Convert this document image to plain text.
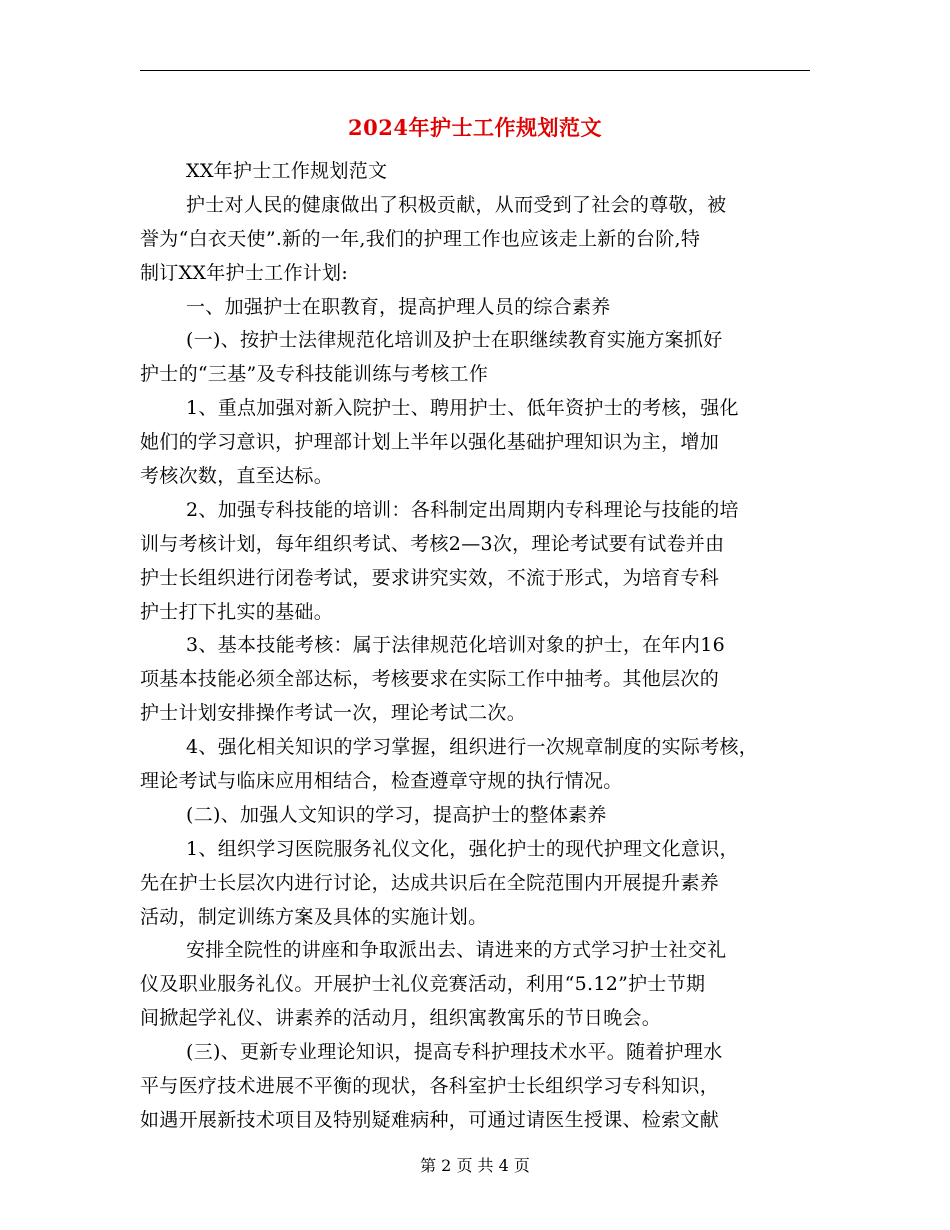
2024年护士工作规划范文
XX年护士工作规划范文
护士对人民的健康做出了积极贡献，从而受到了社会的尊敬，被
誉为“白衣天使”.新的一年,我们的护理工作也应该走上新的台阶,特
制订XX年护士工作计划:
一、加强护士在职教育，提高护理人员的综合素养
(一)、按护士法律规范化培训及护士在职继续教育实施方案抓好
护士的“三基”及专科技能训练与考核工作
1、重点加强对新入院护士、聘用护士、低年资护士的考核，强化
她们的学习意识，护理部计划上半年以强化基础护理知识为主，增加
考核次数，直至达标。
2、加强专科技能的培训：各科制定出周期内专科理论与技能的培
训与考核计划，每年组织考试、考核2—3次，理论考试要有试卷并由
护士长组织进行闭卷考试，要求讲究实效，不流于形式，为培育专科
护士打下扎实的基础。
3、基本技能考核：属于法律规范化培训对象的护士，在年内16
项基本技能必须全部达标，考核要求在实际工作中抽考。其他层次的
护士计划安排操作考试一次，理论考试二次。
4、强化相关知识的学习掌握，组织进行一次规章制度的实际考核，
理论考试与临床应用相结合，检查遵章守规的执行情况。
(二)、加强人文知识的学习，提高护士的整体素养
1、组织学习医院服务礼仪文化，强化护士的现代护理文化意识，
先在护士长层次内进行讨论，达成共识后在全院范围内开展提升素养
活动，制定训练方案及具体的实施计划。
安排全院性的讲座和争取派出去、请进来的方式学习护士社交礼
仪及职业服务礼仪。开展护士礼仪竞赛活动，利用“5.12”护士节期
间掀起学礼仪、讲素养的活动月，组织寓教寓乐的节日晚会。
(三)、更新专业理论知识，提高专科护理技术水平。随着护理水
平与医疗技术进展不平衡的现状，各科室护士长组织学习专科知识，
如遇开展新技术项目及特别疑难病种，可通过请医生授课、检索文献
第 2 页 共 4 页
